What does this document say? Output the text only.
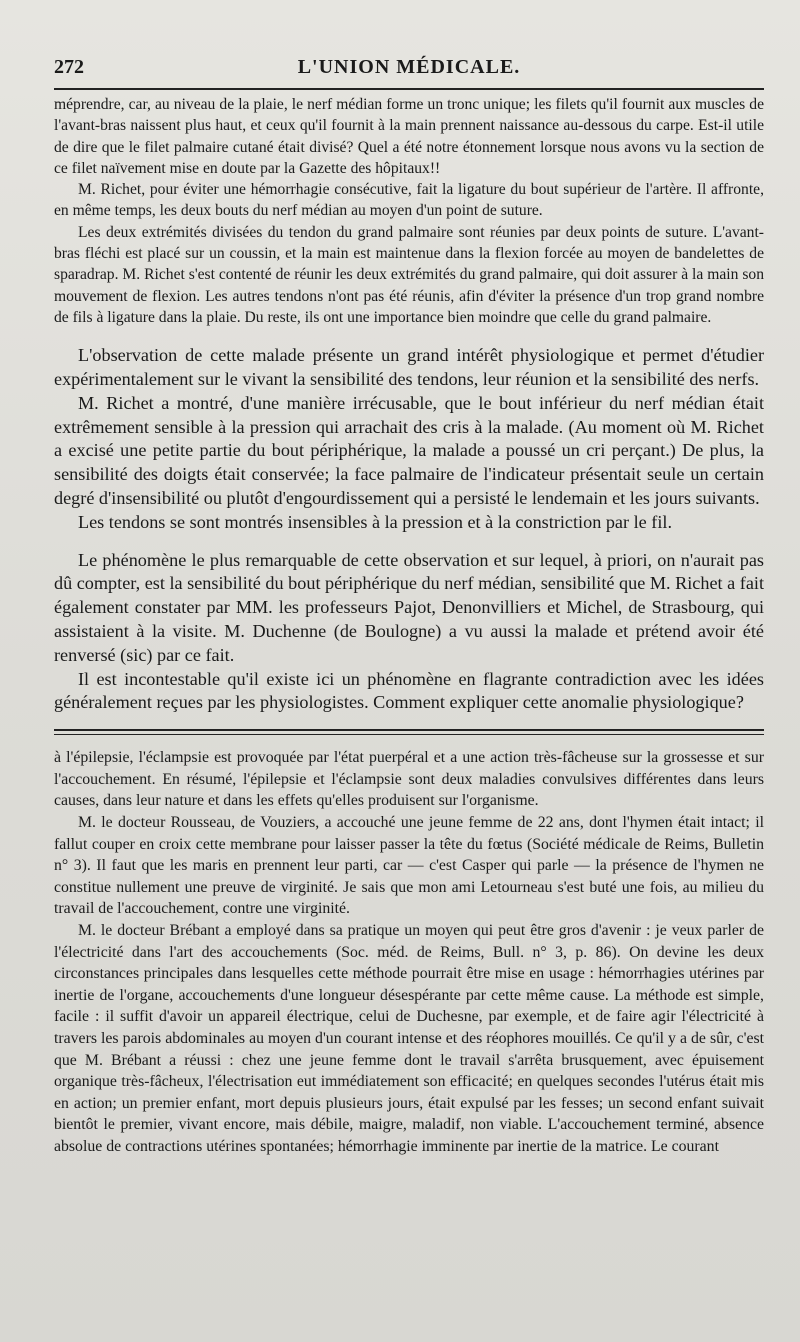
272	L'UNION MÉDICALE.

méprendre, car, au niveau de la plaie, le nerf médian forme un tronc unique; les filets qu'il fournit aux muscles de l'avant-bras naissent plus haut, et ceux qu'il fournit à la main prennent naissance au-dessous du carpe. Est-il utile de dire que le filet palmaire cutané était divisé? Quel a été notre étonnement lorsque nous avons vu la section de ce filet naïvement mise en doute par la Gazette des hôpitaux!!

M. Richet, pour éviter une hémorrhagie consécutive, fait la ligature du bout supérieur de l'artère. Il affronte, en même temps, les deux bouts du nerf médian au moyen d'un point de suture.

Les deux extrémités divisées du tendon du grand palmaire sont réunies par deux points de suture. L'avant-bras fléchi est placé sur un coussin, et la main est maintenue dans la flexion forcée au moyen de bandelettes de sparadrap. M. Richet s'est contenté de réunir les deux extrémités du grand palmaire, qui doit assurer à la main son mouvement de flexion. Les autres tendons n'ont pas été réunis, afin d'éviter la présence d'un trop grand nombre de fils à ligature dans la plaie. Du reste, ils ont une importance bien moindre que celle du grand palmaire.

L'observation de cette malade présente un grand intérêt physiologique et permet d'étudier expérimentalement sur le vivant la sensibilité des tendons, leur réunion et la sensibilité des nerfs.

M. Richet a montré, d'une manière irrécusable, que le bout inférieur du nerf médian était extrêmement sensible à la pression qui arrachait des cris à la malade. (Au moment où M. Richet a excisé une petite partie du bout périphérique, la malade a poussé un cri perçant.) De plus, la sensibilité des doigts était conservée; la face palmaire de l'indicateur présentait seule un certain degré d'insensibilité ou plutôt d'engourdissement qui a persisté le lendemain et les jours suivants.

Les tendons se sont montrés insensibles à la pression et à la constriction par le fil.

Le phénomène le plus remarquable de cette observation et sur lequel, à priori, on n'aurait pas dû compter, est la sensibilité du bout périphérique du nerf médian, sensibilité que M. Richet a fait également constater par MM. les professeurs Pajot, Denonvilliers et Michel, de Strasbourg, qui assistaient à la visite. M. Duchenne (de Boulogne) a vu aussi la malade et prétend avoir été renversé (sic) par ce fait.

Il est incontestable qu'il existe ici un phénomène en flagrante contradiction avec les idées généralement reçues par les physiologistes. Comment expliquer cette anomalie physiologique?

à l'épilepsie, l'éclampsie est provoquée par l'état puerpéral et a une action très-fâcheuse sur la grossesse et sur l'accouchement. En résumé, l'épilepsie et l'éclampsie sont deux maladies convulsives différentes dans leurs causes, dans leur nature et dans les effets qu'elles produisent sur l'organisme.

M. le docteur Rousseau, de Vouziers, a accouché une jeune femme de 22 ans, dont l'hymen était intact; il fallut couper en croix cette membrane pour laisser passer la tête du fœtus (Société médicale de Reims, Bulletin n° 3). Il faut que les maris en prennent leur parti, car — c'est Casper qui parle — la présence de l'hymen ne constitue nullement une preuve de virginité. Je sais que mon ami Letourneau s'est buté une fois, au milieu du travail de l'accouchement, contre une virginité.

M. le docteur Brébant a employé dans sa pratique un moyen qui peut être gros d'avenir : je veux parler de l'électricité dans l'art des accouchements (Soc. méd. de Reims, Bull. n° 3, p. 86). On devine les deux circonstances principales dans lesquelles cette méthode pourrait être mise en usage : hémorrhagies utérines par inertie de l'organe, accouchements d'une longueur désespérante par cette même cause. La méthode est simple, facile : il suffit d'avoir un appareil électrique, celui de Duchesne, par exemple, et de faire agir l'électricité à travers les parois abdominales au moyen d'un courant intense et des réophores mouillés. Ce qu'il y a de sûr, c'est que M. Brébant a réussi : chez une jeune femme dont le travail s'arrêta brusquement, avec épuisement organique très-fâcheux, l'électrisation eut immédiatement son efficacité; en quelques secondes l'utérus était mis en action; un premier enfant, mort depuis plusieurs jours, était expulsé par les fesses; un second enfant suivait bientôt le premier, vivant encore, mais débile, maigre, maladif, non viable. L'accouchement terminé, absence absolue de contractions utérines spontanées; hémorrhagie imminente par inertie de la matrice. Le courant
